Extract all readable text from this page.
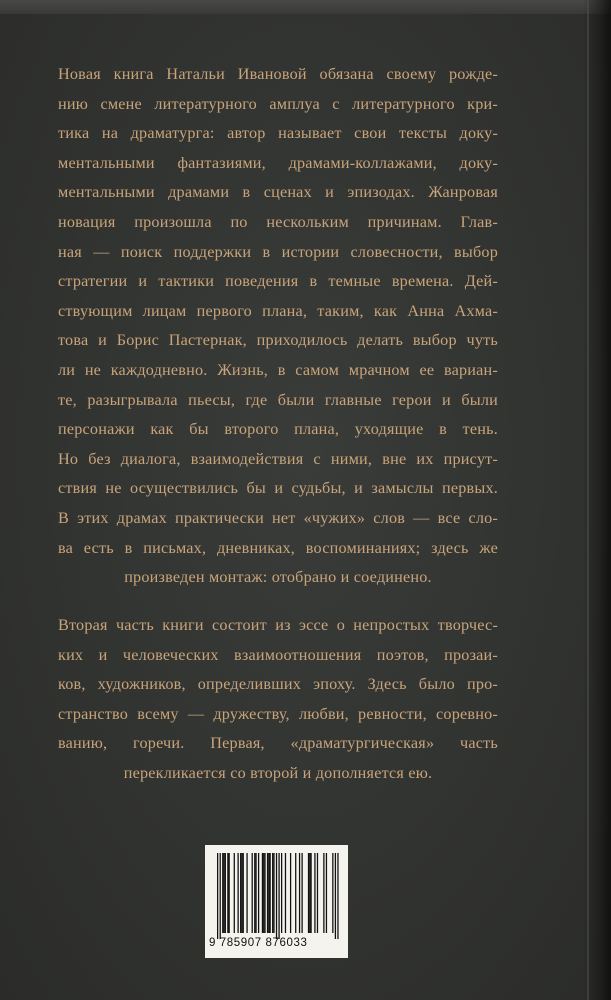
Новая книга Натальи Ивановой обязана своему рожде-
нию смене литературного амплуа с литературного кри-
тика на драматурга: автор называет свои тексты доку-
ментальными фантазиями, драмами-коллажами, доку-
ментальными драмами в сценах и эпизодах. Жанровая
новация произошла по нескольким причинам. Глав-
ная — поиск поддержки в истории словесности, выбор
стратегии и тактики поведения в темные времена. Дей-
ствующим лицам первого плана, таким, как Анна Ахма-
това и Борис Пастернак, приходилось делать выбор чуть
ли не каждодневно. Жизнь, в самом мрачном ее вариан-
те, разыгрывала пьесы, где были главные герои и были
персонажи как бы второго плана, уходящие в тень.
Но без диалога, взаимодействия с ними, вне их присут-
ствия не осуществились бы и судьбы, и замыслы первых.
В этих драмах практически нет «чужих» слов — все сло-
ва есть в письмах, дневниках, воспоминаниях; здесь же
произведен монтаж: отобрано и соединено.
Вторая часть книги состоит из эссе о непростых творчес-
ких и человеческих взаимоотношения поэтов, прозаи-
ков, художников, определивших эпоху. Здесь было про-
странство всему — дружеству, любви, ревности, соревно-
ванию, горечи. Первая, «драматургическая» часть
перекликается со второй и дополняется ею.
9 785907 876033
